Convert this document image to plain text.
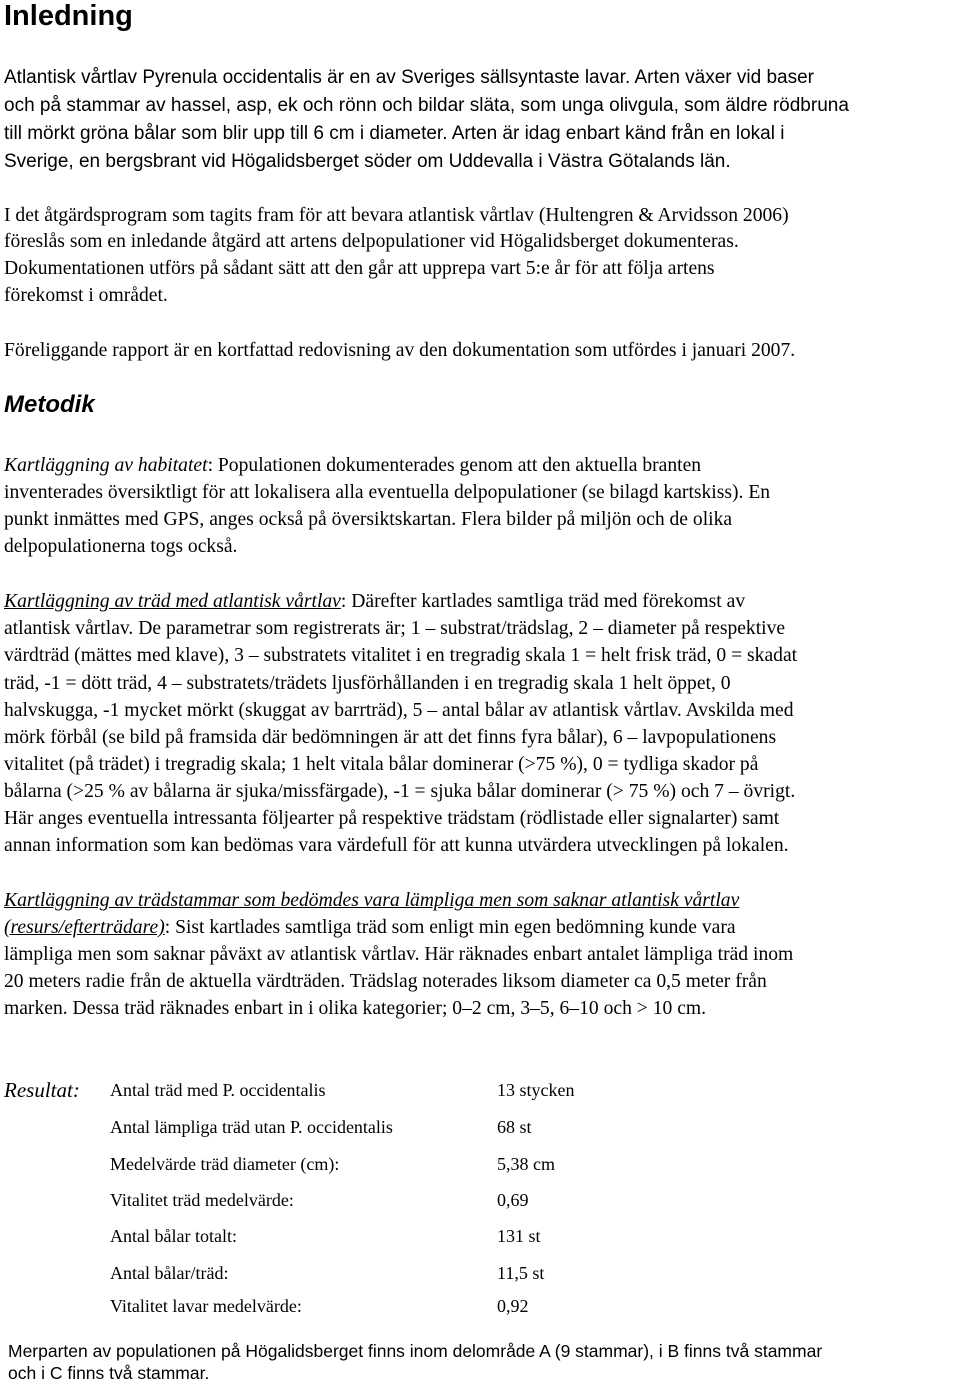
Inledning
Atlantisk vårtlav Pyrenula occidentalis är en av Sveriges sällsyntaste lavar. Arten växer vid baser
och på stammar av hassel, asp, ek och rönn och bildar släta, som unga olivgula, som äldre rödbruna
till mörkt gröna bålar som blir upp till 6 cm i diameter. Arten är idag enbart känd från en lokal i
Sverige, en bergsbrant vid Högalidsberget söder om Uddevalla i Västra Götalands län.
I det åtgärdsprogram som tagits fram för att bevara atlantisk vårtlav (Hultengren & Arvidsson 2006)
föreslås som en inledande åtgärd att artens delpopulationer vid Högalidsberget dokumenteras.
Dokumentationen utförs på sådant sätt att den går att upprepa vart 5:e år för att följa artens
förekomst i området.
Föreliggande rapport är en kortfattad redovisning av den dokumentation som utfördes i januari 2007.
Metodik
Kartläggning av habitatet: Populationen dokumenterades genom att den aktuella branten
inventerades översiktligt för att lokalisera alla eventuella delpopulationer (se bilagd kartskiss). En
punkt inmättes med GPS, anges också på översiktskartan. Flera bilder på miljön och de olika
delpopulationerna togs också.
Kartläggning av träd med atlantisk vårtlav: Därefter kartlades samtliga träd med förekomst av
atlantisk vårtlav. De parametrar som registrerats är; 1 – substrat/trädslag, 2 – diameter på respektive
värdträd (mättes med klave), 3 – substratets vitalitet i en tregradig skala 1 = helt frisk träd, 0 = skadat
träd, -1 = dött träd, 4 – substratets/trädets ljusförhållanden i en tregradig skala 1 helt öppet, 0
halvskugga, -1 mycket mörkt (skuggat av barrträd), 5 – antal bålar av atlantisk vårtlav. Avskilda med
mörk förbål (se bild på framsida där bedömningen är att det finns fyra bålar), 6 – lavpopulationens
vitalitet (på trädet) i tregradig skala; 1 helt vitala bålar dominerar (>75 %), 0 = tydliga skador på
bålarna (>25 % av bålarna är sjuka/missfärgade), -1 = sjuka bålar dominerar (> 75 %) och 7 – övrigt.
Här anges eventuella intressanta följearter på respektive trädstam (rödlistade eller signalarter) samt
annan information som kan bedömas vara värdefull för att kunna utvärdera utvecklingen på lokalen.
Kartläggning av trädstammar som bedömdes vara lämpliga men som saknar atlantisk vårtlav
(resurs/efterträdare): Sist kartlades samtliga träd som enligt min egen bedömning kunde vara
lämpliga men som saknar påväxt av atlantisk vårtlav. Här räknades enbart antalet lämpliga träd inom
20 meters radie från de aktuella värdträden. Trädslag noterades liksom diameter ca 0,5 meter från
marken. Dessa träd räknades enbart in i olika kategorier; 0–2 cm, 3–5, 6–10 och > 10 cm.
Resultat: Antal träd med P. occidentalis	13 stycken
Antal lämpliga träd utan P. occidentalis	68 st
Medelvärde träd diameter (cm):	5,38 cm
Vitalitet träd medelvärde:	0,69
Antal bålar totalt:	131 st
Antal bålar/träd:	11,5 st
Vitalitet lavar medelvärde:	0,92
Merparten av populationen på Högalidsberget finns inom delområde A (9 stammar), i B finns två stammar
och i C finns två stammar.
